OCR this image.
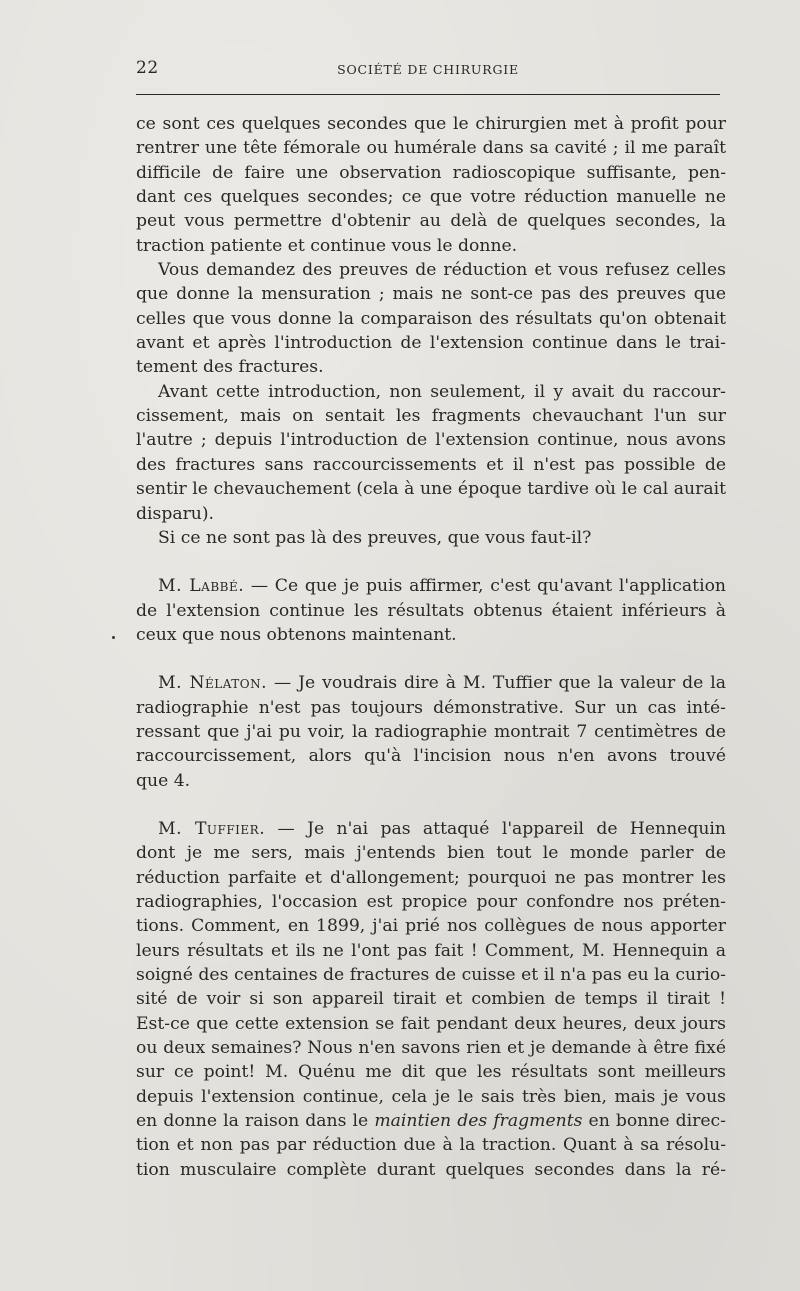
22	SOCIÉTÉ DE CHIRURGIE
ce sont ces quelques secondes que le chirurgien met à profit pour
rentrer une tête fémorale ou humérale dans sa cavité ; il me paraît
difficile de faire une observation radioscopique suffisante, pen-
dant ces quelques secondes; ce que votre réduction manuelle ne
peut vous permettre d'obtenir au delà de quelques secondes, la
traction patiente et continue vous le donne.
Vous demandez des preuves de réduction et vous refusez celles
que donne la mensuration ; mais ne sont-ce pas des preuves que
celles que vous donne la comparaison des résultats qu'on obtenait
avant et après l'introduction de l'extension continue dans le trai-
tement des fractures.
Avant cette introduction, non seulement, il y avait du raccour-
cissement, mais on sentait les fragments chevauchant l'un sur
l'autre ; depuis l'introduction de l'extension continue, nous avons
des fractures sans raccourcissements et il n'est pas possible de
sentir le chevauchement (cela à une époque tardive où le cal aurait
disparu).
Si ce ne sont pas là des preuves, que vous faut-il?
M. Labbé. — Ce que je puis affirmer, c'est qu'avant l'application
de l'extension continue les résultats obtenus étaient inférieurs à
ceux que nous obtenons maintenant.
M. Nélaton. — Je voudrais dire à M. Tuffier que la valeur de la
radiographie n'est pas toujours démonstrative. Sur un cas inté-
ressant que j'ai pu voir, la radiographie montrait 7 centimètres de
raccourcissement, alors qu'à l'incision nous n'en avons trouvé
que 4.
M. Tuffier. — Je n'ai pas attaqué l'appareil de Hennequin
dont je me sers, mais j'entends bien tout le monde parler de
réduction parfaite et d'allongement; pourquoi ne pas montrer les
radiographies, l'occasion est propice pour confondre nos préten-
tions. Comment, en 1899, j'ai prié nos collègues de nous apporter
leurs résultats et ils ne l'ont pas fait ! Comment, M. Hennequin a
soigné des centaines de fractures de cuisse et il n'a pas eu la curio-
sité de voir si son appareil tirait et combien de temps il tirait !
Est-ce que cette extension se fait pendant deux heures, deux jours
ou deux semaines? Nous n'en savons rien et je demande à être fixé
sur ce point! M. Quénu me dit que les résultats sont meilleurs
depuis l'extension continue, cela je le sais très bien, mais je vous
en donne la raison dans le maintien des fragments en bonne direc-
tion et non pas par réduction due à la traction. Quant à sa résolu-
tion musculaire complète durant quelques secondes dans la ré-
